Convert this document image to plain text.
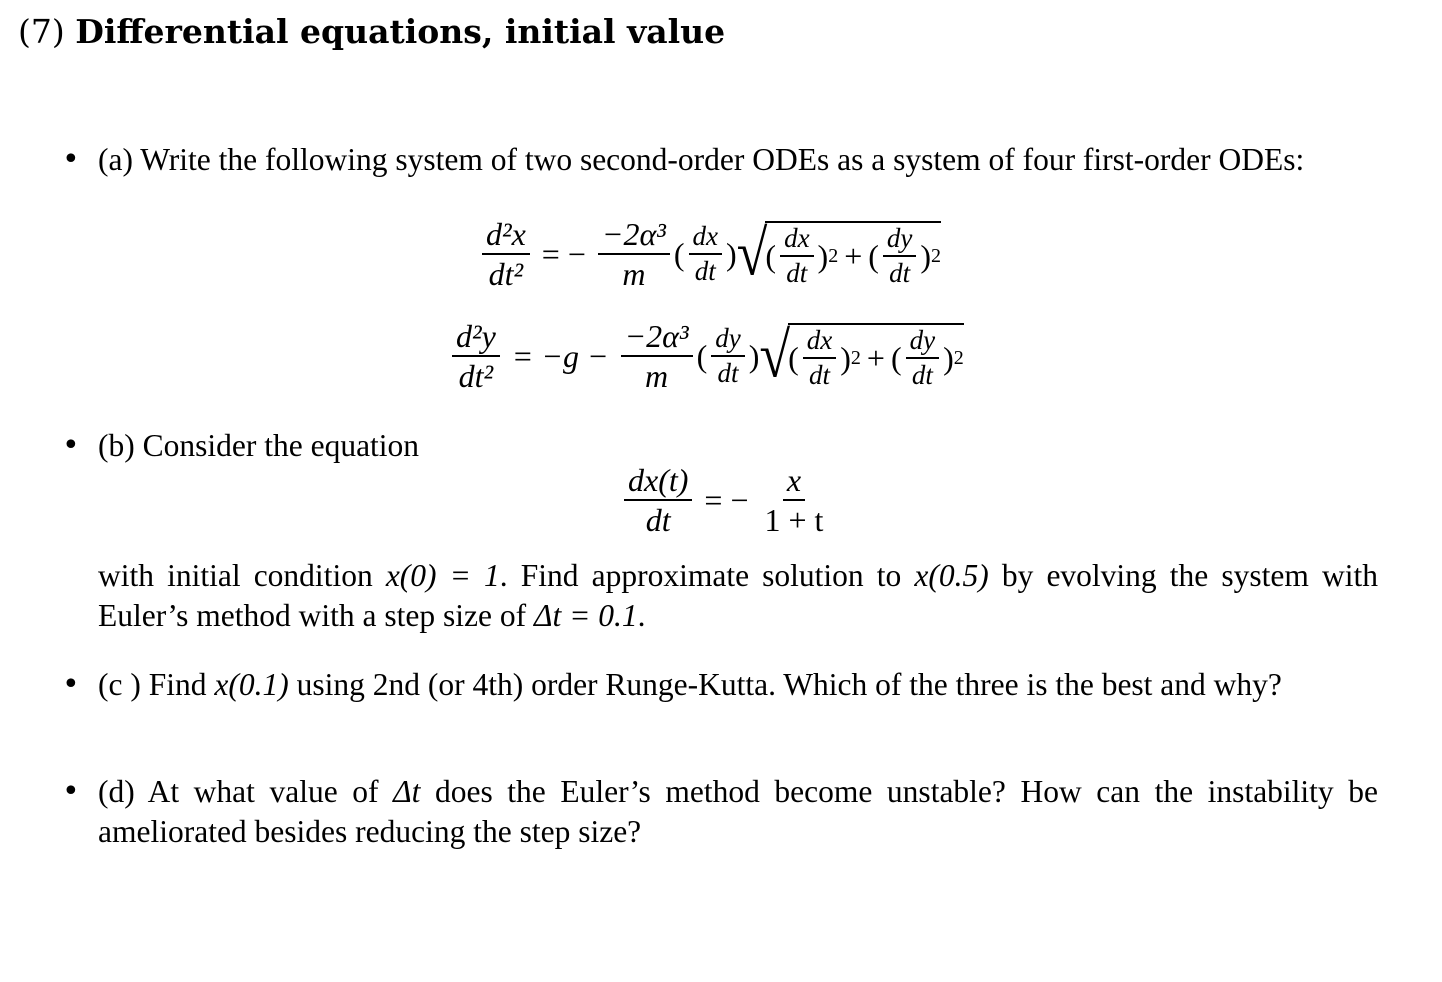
(7) Differential equations, initial value
• (a) Write the following system of two second-order ODEs as a system of four first-order ODEs:
$\frac{\text{d²x}}{\text{dt²}}$ = − $\frac{\text{−2α³}}{m}$ ( $\frac{dx}{dt}$ ) √
( $\frac{dx}{dt}$ ) 2 + ( $\frac{dy}{dt}$ ) 2
$\frac{\text{d²y}}{\text{dt²}} = -g - \frac{\text{−2α³}}{m}$ ( $\frac{dy}{dt}$ ) √
( $\frac{dx}{dt}$ ) 2 + ( $\frac{dy}{dt}$ ) 2
• (b) Consider the equation
$\frac{dx(t)}{dt}$ = − $\frac{x}{1 + t}$
with initial condition x(0) = 1. Find approximate solution to x(0.5) by evolving the system with Euler’s method with a step size of Δt = 0.1.
• (c ) Find x(0.1) using 2nd (or 4th) order Runge-Kutta. Which of the three is the best and why?
• (d) At what value of Δt does the Euler’s method become unstable? How can the instability be ameliorated besides reducing the step size?
